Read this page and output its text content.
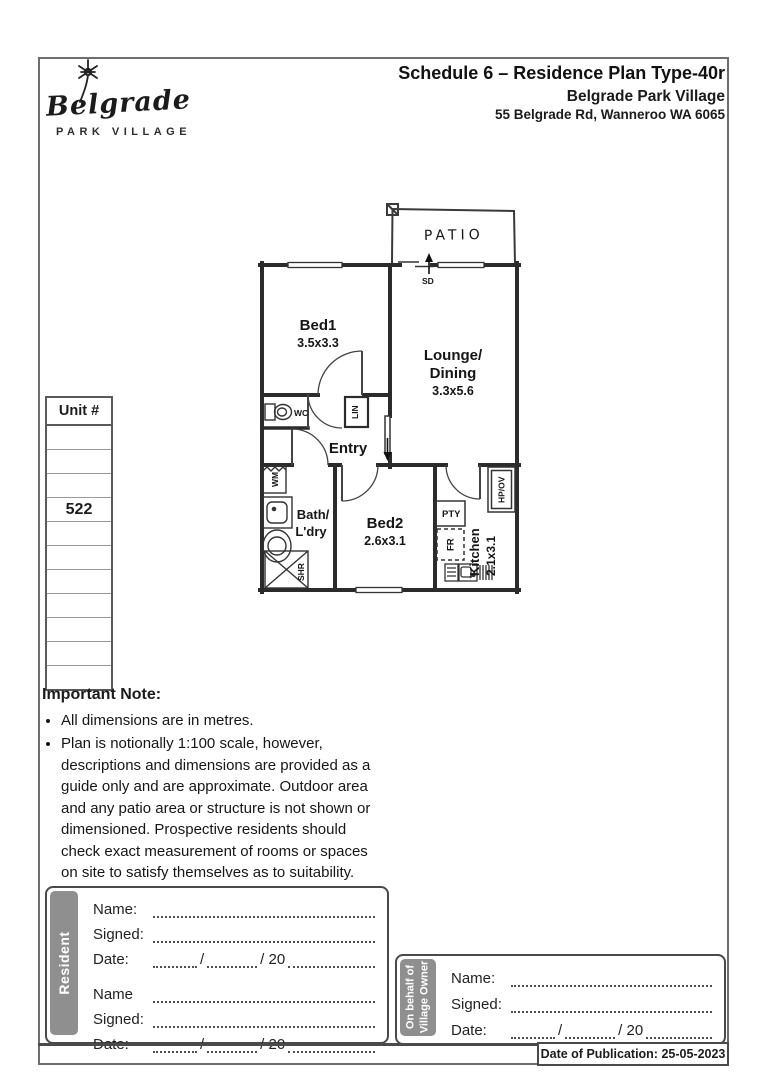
Belgrade
PARK VILLAGE
Schedule 6 – Residence Plan Type-40r
Belgrade Park Village
55 Belgrade Rd, Wanneroo WA 6065
PATIO
SD
LIN
WC
WM
SHR
HP/OV
PTY
FR
Bed1
3.5x3.3
Lounge/
Dining
3.3x5.6
Entry
Bath/
L'dry	Bed2
2.6x3.1	Kitchen 2.1x3.1
Unit #
522
Important Note:
• All dimensions are in metres.
• Plan is notionally 1:100 scale, however, descriptions and dimensions are provided as a guide only and are approximate. Outdoor area and any patio area or structure is not shown or dimensioned. Prospective residents should check exact measurement of rooms or spaces on site to satisfy themselves as to suitability.
Resident
Name:
Signed:
Date:	/	/ 20
Name
Signed:
Date:	/	/ 20
On behalf of Village Owner Name:
Signed:
Date:	/	/ 20
Date of Publication: 25-05-2023
